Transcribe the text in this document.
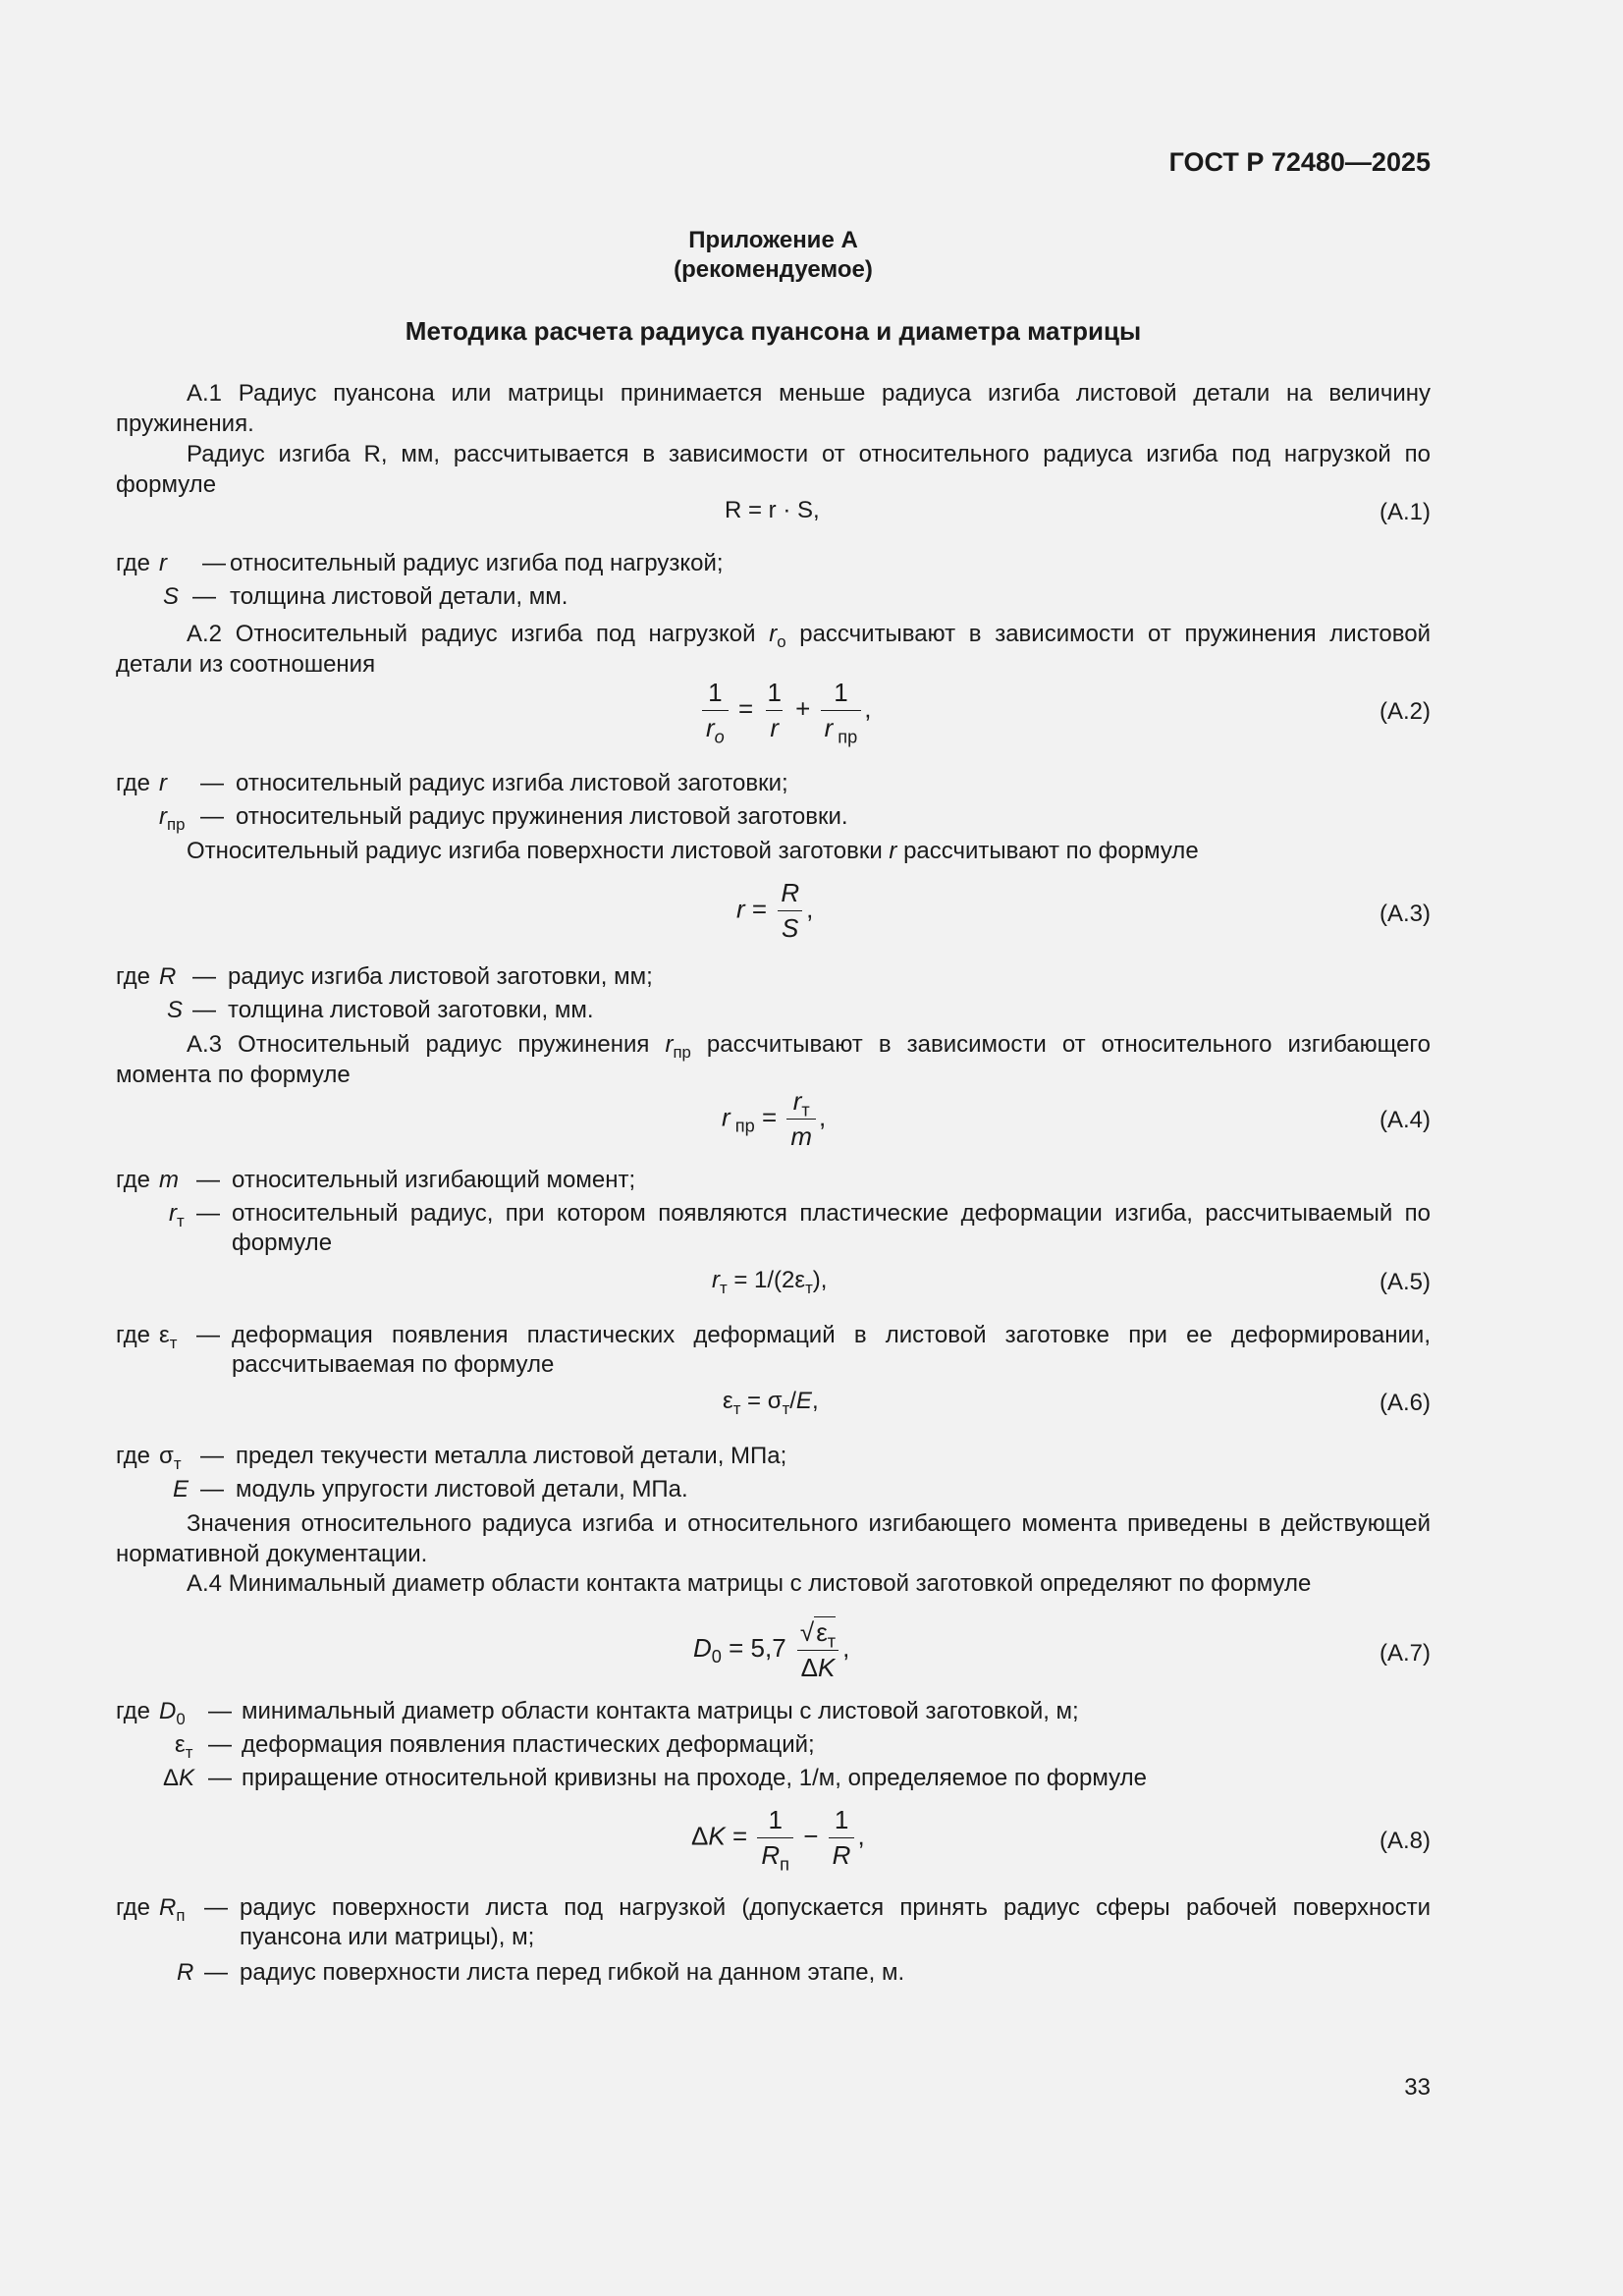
ГОСТ Р 72480—2025
Приложение А
(рекомендуемое)
Методика расчета радиуса пуансона и диаметра матрицы

А.1 Радиус пуансона или матрицы принимается меньше радиуса изгиба листовой детали на величину пружинения.

Радиус изгиба R, мм, рассчитывается в зависимости от относительного радиуса изгиба под нагрузкой по формуле

R = r · S,	(А.1)
где r	— относительный радиус изгиба под нагрузкой;
S — толщина листовой детали, мм.

А.2 Относительный радиус изгиба под нагрузкой $r_о$ рассчитывают в зависимости от пружинения листовой детали из соотношения

$\frac{1}{r_o} = \frac{1}{r} + \frac{1}{r _{пр}}$ ,	(А.2)
где r — относительный радиус изгиба листовой заготовки;
$r_{пр}$ — относительный радиус пружинения листовой заготовки.

Относительный радиус изгиба поверхности листовой заготовки r рассчитывают по формуле

$r = \frac{R}{S}$ ,	(А.3)
где R — радиус изгиба листовой заготовки, мм;
S — толщина листовой заготовки, мм.

А.3 Относительный радиус пружинения $r_{пр}$ рассчитывают в зависимости от относительного изгибающего момента по формуле

r $_{пр} = \frac{r_т}{m}$ ,	(А.4)
где m — относительный изгибающий момент;
$r_т$ — относительный радиус, при котором появляются пластические деформации изгиба, рассчитываемый по формуле
$r_т = 1/(2\varepsilon_т)$,	(А.5)
где $\varepsilon_т$ — деформация появления пластических деформаций в листовой заготовке при ее деформировании, рассчитываемая по формуле
$\varepsilon_т = \sigma_т/E$,	(А.6)
где $\sigma_т$ — предел текучести металла листовой детали, МПа;
E — модуль упругости листовой детали, МПа.

Значения относительного радиуса изгиба и относительного изгибающего момента приведены в действующей нормативной документации.

А.4 Минимальный диаметр области контакта матрицы с листовой заготовкой определяют по формуле

$D_0 = 5,7 \frac{√\varepsilon_т}{\Delta K}$ ,	(А.7)
где $D_0$ — минимальный диаметр области контакта матрицы с листовой заготовкой, м;
$\varepsilon_т$ — деформация появления пластических деформаций;
ΔK — приращение относительной кривизны на проходе, 1/м, определяемое по формуле
$\Delta K = \frac{1}{R_п} - \frac{1}{R}$ ,	(А.8)
где $R_п$ — радиус поверхности листа под нагрузкой (допускается принять радиус сферы рабочей поверхности пуансона или матрицы), м;
R — радиус поверхности листа перед гибкой на данном этапе, м.
33
